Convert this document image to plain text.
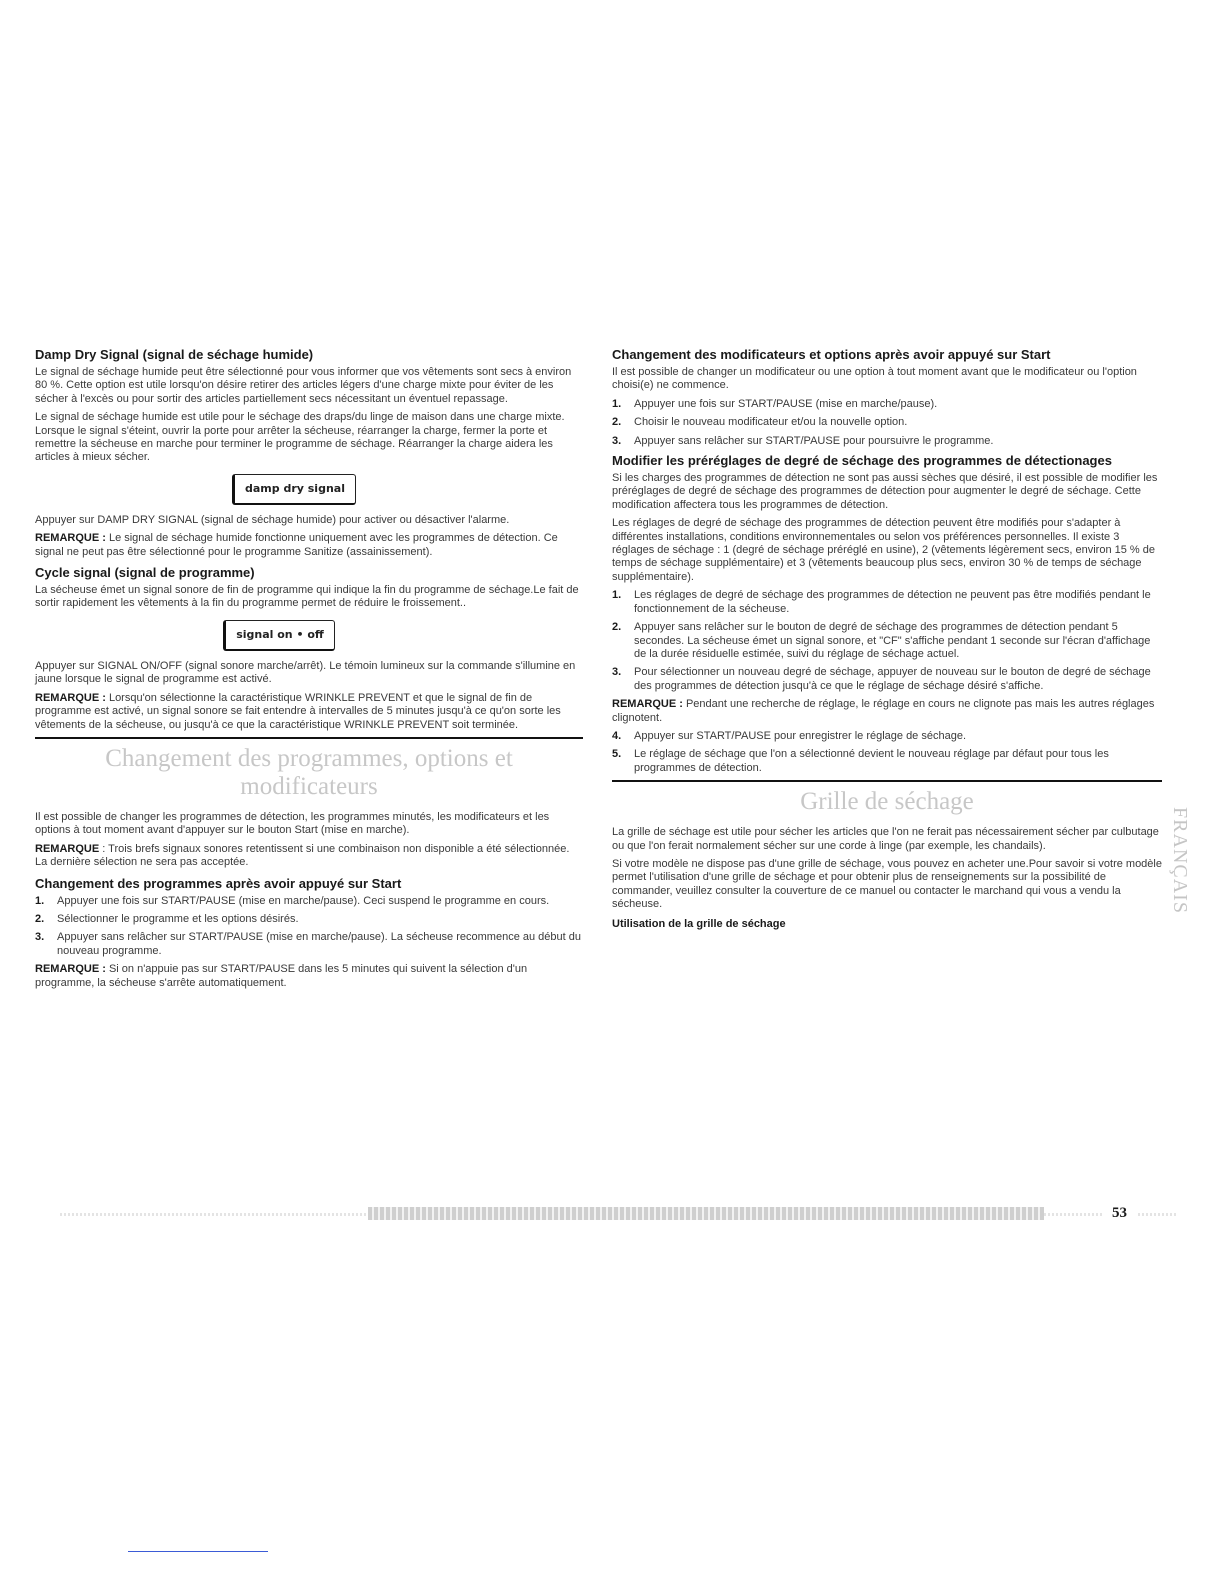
Damp Dry Signal (signal de séchage humide)

Le signal de séchage humide peut être sélectionné pour vous informer que vos vêtements sont secs à environ 80 %. Cette option est utile lorsqu'on désire retirer des articles légers d'une charge mixte pour éviter de les sécher à l'excès ou pour sortir des articles partiellement secs nécessitant un éventuel repassage.

Le signal de séchage humide est utile pour le séchage des draps/du linge de maison dans une charge mixte. Lorsque le signal s'éteint, ouvrir la porte pour arrêter la sécheuse, réarranger la charge, fermer la porte et remettre la sécheuse en marche pour terminer le programme de séchage. Réarranger la charge aidera les articles à mieux sécher.

damp dry signal

Appuyer sur DAMP DRY SIGNAL (signal de séchage humide) pour activer ou désactiver l'alarme.

REMARQUE : Le signal de séchage humide fonctionne uniquement avec les programmes de détection. Ce signal ne peut pas être sélectionné pour le programme Sanitize (assainissement).

Cycle signal (signal de programme)

La sécheuse émet un signal sonore de fin de programme qui indique la fin du programme de séchage.Le fait de sortir rapidement les vêtements à la fin du programme permet de réduire le froissement..

signal on • off

Appuyer sur SIGNAL ON/OFF (signal sonore marche/arrêt). Le témoin lumineux sur la commande s'illumine en jaune lorsque le signal de programme est activé.

REMARQUE : Lorsqu'on sélectionne la caractéristique WRINKLE PREVENT et que le signal de fin de programme est activé, un signal sonore se fait entendre à intervalles de 5 minutes jusqu'à ce qu'on sorte les vêtements de la sécheuse, ou jusqu'à ce que la caractéristique WRINKLE PREVENT soit terminée.

Changement des programmes, options et
modificateurs

Il est possible de changer les programmes de détection, les programmes minutés, les modificateurs et les options à tout moment avant d'appuyer sur le bouton Start (mise en marche).

REMARQUE : Trois brefs signaux sonores retentissent si une combinaison non disponible a été sélectionnée. La dernière sélection ne sera pas acceptée.

Changement des programmes après avoir appuyé sur Start
1. Appuyer une fois sur START/PAUSE (mise en marche/pause). Ceci suspend le programme en cours.
2. Sélectionner le programme et les options désirés.
3. Appuyer sans relâcher sur START/PAUSE (mise en marche/pause). La sécheuse recommence au début du nouveau programme.

REMARQUE : Si on n'appuie pas sur START/PAUSE dans les 5 minutes qui suivent la sélection d'un programme, la sécheuse s'arrête automatiquement.

Changement des modificateurs et options après avoir appuyé sur Start

Il est possible de changer un modificateur ou une option à tout moment avant que le modificateur ou l'option choisi(e) ne commence.

1. Appuyer une fois sur START/PAUSE (mise en marche/pause).
2. Choisir le nouveau modificateur et/ou la nouvelle option.
3. Appuyer sans relâcher sur START/PAUSE pour poursuivre le programme.
Modifier les préréglages de degré de séchage des programmes de détectionages

Si les charges des programmes de détection ne sont pas aussi sèches que désiré, il est possible de modifier les préréglages de degré de séchage des programmes de détection pour augmenter le degré de séchage. Cette modification affectera tous les programmes de détection.

Les réglages de degré de séchage des programmes de détection peuvent être modifiés pour s'adapter à différentes installations, conditions environnementales ou selon vos préférences personnelles. Il existe 3 réglages de séchage : 1 (degré de séchage préréglé en usine), 2 (vêtements légèrement secs, environ 15 % de temps de séchage supplémentaire) et 3 (vêtements beaucoup plus secs, environ 30 % de temps de séchage supplémentaire).

1. Les réglages de degré de séchage des programmes de détection ne peuvent pas être modifiés pendant le fonctionnement de la sécheuse.
2. Appuyer sans relâcher sur le bouton de degré de séchage des programmes de détection pendant 5 secondes. La sécheuse émet un signal sonore, et "CF" s'affiche pendant 1 seconde sur l'écran d'affichage de la durée résiduelle estimée, suivi du réglage de séchage actuel.
3. Pour sélectionner un nouveau degré de séchage, appuyer de nouveau sur le bouton de degré de séchage des programmes de détection jusqu'à ce que le réglage de séchage désiré s'affiche.

REMARQUE : Pendant une recherche de réglage, le réglage en cours ne clignote pas mais les autres réglages clignotent.

4. Appuyer sur START/PAUSE pour enregistrer le réglage de séchage.
5. Le réglage de séchage que l'on a sélectionné devient le nouveau réglage par défaut pour tous les programmes de détection.
Grille de séchage

La grille de séchage est utile pour sécher les articles que l'on ne ferait pas nécessairement sécher par culbutage ou que l'on ferait normalement sécher sur une corde à linge (par exemple, les chandails).

Si votre modèle ne dispose pas d'une grille de séchage, vous pouvez en acheter une.Pour savoir si votre modèle permet l'utilisation d'une grille de séchage et pour obtenir plus de renseignements sur la possibilité de commander, veuillez consulter la couverture de ce manuel ou contacter le marchand qui vous a vendu la sécheuse.

Utilisation de la grille de séchage
FRANÇAIS
53
